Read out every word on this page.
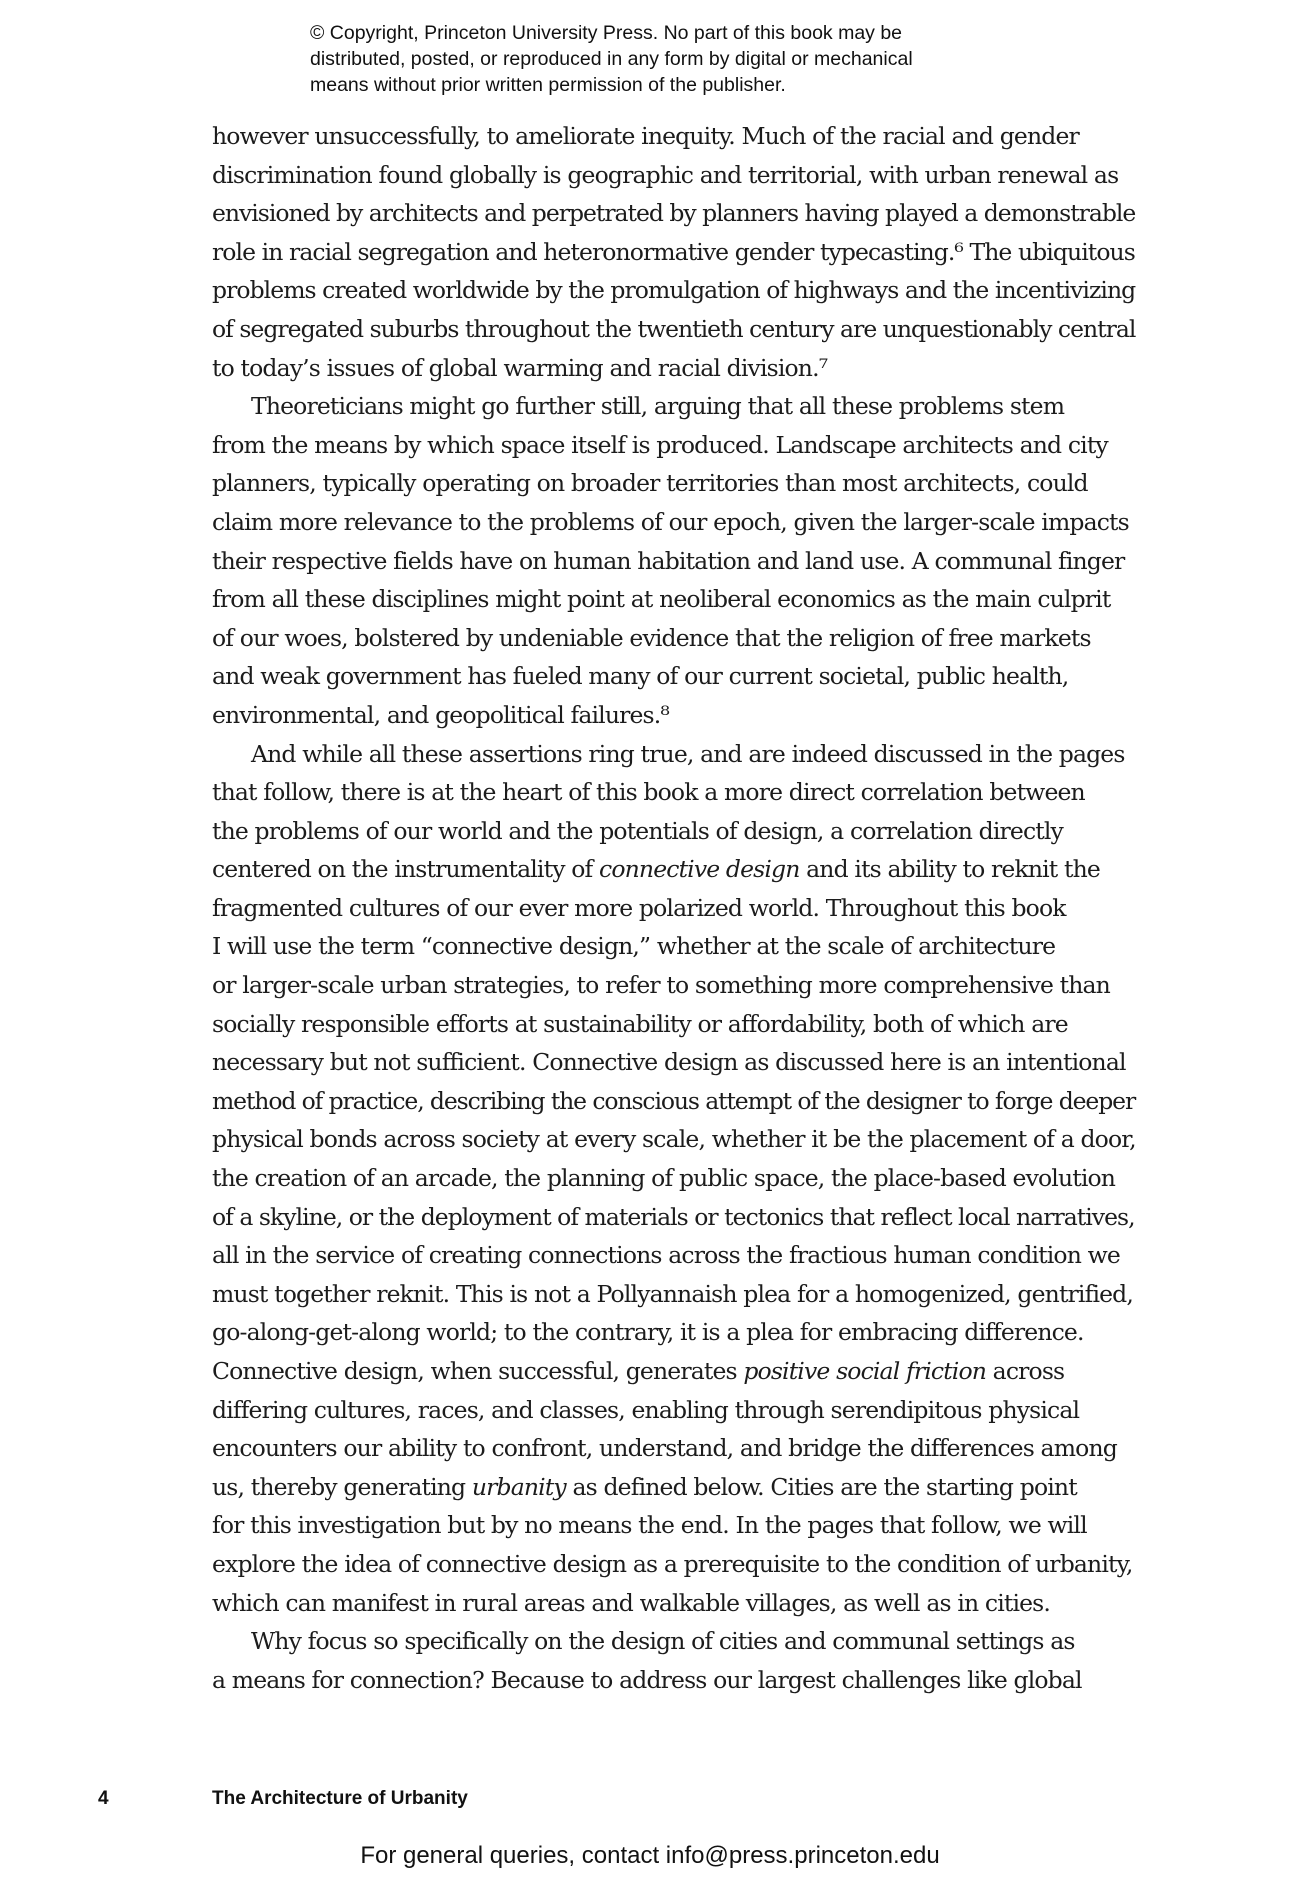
© Copyright, Princeton University Press. No part of this book may be
distributed, posted, or reproduced in any form by digital or mechanical
means without prior written permission of the publisher.
however unsuccessfully, to ameliorate inequity. Much of the racial and gender
discrimination found globally is geographic and territorial, with urban renewal as
envisioned by architects and perpetrated by planners having played a demonstrable
role in racial segregation and heteronormative gender typecasting.⁶ The ubiquitous
problems created worldwide by the promulgation of highways and the incentivizing
of segregated suburbs throughout the twentieth century are unquestionably central
to today’s issues of global warming and racial division.⁷
Theoreticians might go further still, arguing that all these problems stem
from the means by which space itself is produced. Landscape architects and city
planners, typically operating on broader territories than most architects, could
claim more relevance to the problems of our epoch, given the larger-scale impacts
their respective fields have on human habitation and land use. A communal finger
from all these disciplines might point at neoliberal economics as the main culprit
of our woes, bolstered by undeniable evidence that the religion of free markets
and weak government has fueled many of our current societal, public health,
environmental, and geopolitical failures.⁸
And while all these assertions ring true, and are indeed discussed in the pages
that follow, there is at the heart of this book a more direct correlation between
the problems of our world and the potentials of design, a correlation directly
centered on the instrumentality of connective design and its ability to reknit the
fragmented cultures of our ever more polarized world. Throughout this book
I will use the term “connective design,” whether at the scale of architecture
or larger-scale urban strategies, to refer to something more comprehensive than
socially responsible efforts at sustainability or affordability, both of which are
necessary but not sufficient. Connective design as discussed here is an intentional
method of practice, describing the conscious attempt of the designer to forge deeper
physical bonds across society at every scale, whether it be the placement of a door,
the creation of an arcade, the planning of public space, the place-based evolution
of a skyline, or the deployment of materials or tectonics that reflect local narratives,
all in the service of creating connections across the fractious human condition we
must together reknit. This is not a Pollyannaish plea for a homogenized, gentrified,
go-along-get-along world; to the contrary, it is a plea for embracing difference.
Connective design, when successful, generates positive social friction across
differing cultures, races, and classes, enabling through serendipitous physical
encounters our ability to confront, understand, and bridge the differences among
us, thereby generating urbanity as defined below. Cities are the starting point
for this investigation but by no means the end. In the pages that follow, we will
explore the idea of connective design as a prerequisite to the condition of urbanity,
which can manifest in rural areas and walkable villages, as well as in cities.
Why focus so specifically on the design of cities and communal settings as
a means for connection? Because to address our largest challenges like global
4	The Architecture of Urbanity
For general queries, contact info@press.princeton.edu
